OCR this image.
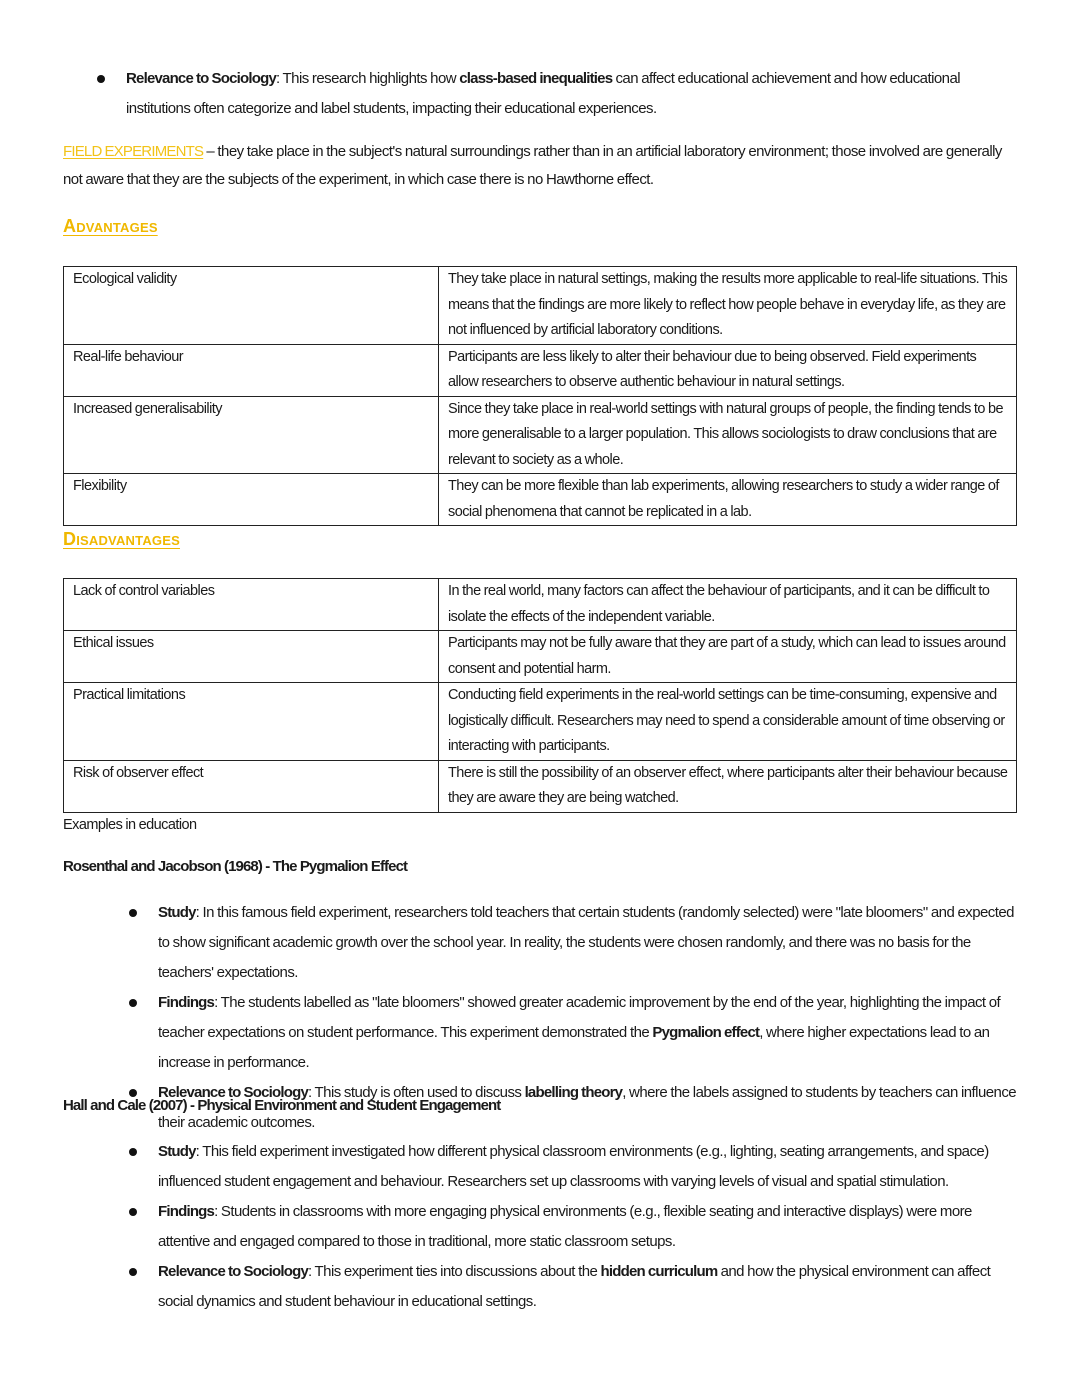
Relevance to Sociology: This research highlights how class-based inequalities can affect educational achievement and how educational institutions often categorize and label students, impacting their educational experiences.
FIELD EXPERIMENTS – they take place in the subject's natural surroundings rather than in an artificial laboratory environment; those involved are generally not aware that they are the subjects of the experiment, in which case there is no Hawthorne effect.
Advantages
Ecological validity	They take place in natural settings, making the results more applicable to real-life situations. This means that the findings are more likely to reflect how people behave in everyday life, as they are not influenced by artificial laboratory conditions.
Real-life behaviour	Participants are less likely to alter their behaviour due to being observed. Field experiments allow researchers to observe authentic behaviour in natural settings.
Increased generalisability	Since they take place in real-world settings with natural groups of people, the finding tends to be more generalisable to a larger population. This allows sociologists to draw conclusions that are relevant to society as a whole.
Flexibility	They can be more flexible than lab experiments, allowing researchers to study a wider range of social phenomena that cannot be replicated in a lab.
Disadvantages
Lack of control variables	In the real world, many factors can affect the behaviour of participants, and it can be difficult to isolate the effects of the independent variable.
Ethical issues	Participants may not be fully aware that they are part of a study, which can lead to issues around consent and potential harm.
Practical limitations	Conducting field experiments in the real-world settings can be time-consuming, expensive and logistically difficult. Researchers may need to spend a considerable amount of time observing or interacting with participants.
Risk of observer effect	There is still the possibility of an observer effect, where participants alter their behaviour because they are aware they are being watched.
Examples in education
Rosenthal and Jacobson (1968) - The Pygmalion Effect
Study: In this famous field experiment, researchers told teachers that certain students (randomly selected) were "late bloomers" and expected to show significant academic growth over the school year. In reality, the students were chosen randomly, and there was no basis for the teachers' expectations.
Findings: The students labelled as "late bloomers" showed greater academic improvement by the end of the year, highlighting the impact of teacher expectations on student performance. This experiment demonstrated the Pygmalion effect, where higher expectations lead to an increase in performance.
Relevance to Sociology: This study is often used to discuss labelling theory, where the labels assigned to students by teachers can influence their academic outcomes.
Hall and Cale (2007) - Physical Environment and Student Engagement
Study: This field experiment investigated how different physical classroom environments (e.g., lighting, seating arrangements, and space) influenced student engagement and behaviour. Researchers set up classrooms with varying levels of visual and spatial stimulation.
Findings: Students in classrooms with more engaging physical environments (e.g., flexible seating and interactive displays) were more attentive and engaged compared to those in traditional, more static classroom setups.
Relevance to Sociology: This experiment ties into discussions about the hidden curriculum and how the physical environment can affect social dynamics and student behaviour in educational settings.
